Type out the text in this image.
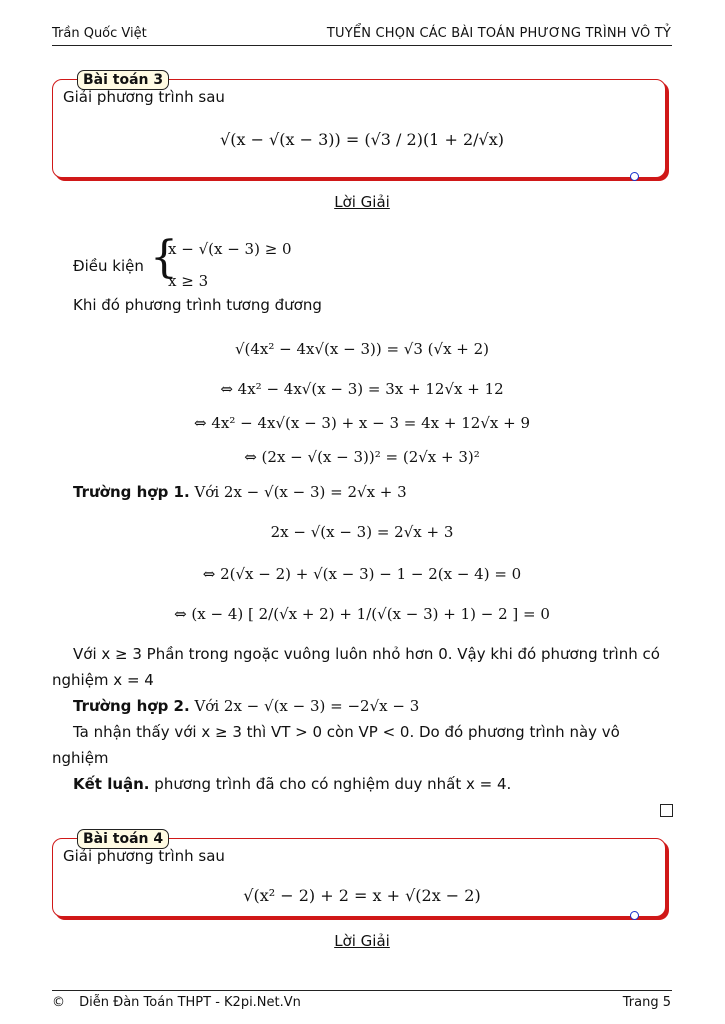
Trần Quốc Việt	TUYỂN CHỌN CÁC BÀI TOÁN PHƯƠNG TRÌNH VÔ TỶ
Bài toán 3
Giải phương trình sau
√(x − √(x − 3)) = (√3 / 2)(1 + 2/√x)
Lời Giải
Điều kiện {
x − √(x − 3) ≥ 0
x ≥ 3
Khi đó phương trình tương đương
√(4x² − 4x√(x − 3)) = √3 (√x + 2)
⇔ 4x² − 4x√(x − 3) = 3x + 12√x + 12
⇔ 4x² − 4x√(x − 3) + x − 3 = 4x + 12√x + 9
⇔ (2x − √(x − 3))² = (2√x + 3)²
Trường hợp 1. Với 2x − √(x − 3) = 2√x + 3
2x − √(x − 3) = 2√x + 3
⇔ 2(√x − 2) + √(x − 3) − 1 − 2(x − 4) = 0
⇔ (x − 4) [ 2/(√x + 2) + 1/(√(x − 3) + 1) − 2 ] = 0
Với x ≥ 3 Phần trong ngoặc vuông luôn nhỏ hơn 0. Vậy khi đó phương trình có
nghiệm x = 4
Trường hợp 2. Với 2x − √(x − 3) = −2√x − 3
Ta nhận thấy với x ≥ 3 thì VT > 0 còn VP < 0. Do đó phương trình này vô
nghiệm
Kết luận. phương trình đã cho có nghiệm duy nhất x = 4.
Bài toán 4
Giải phương trình sau
√(x² − 2) + 2 = x + √(2x − 2)
Lời Giải
© Diễn Đàn Toán THPT - K2pi.Net.Vn	Trang 5
